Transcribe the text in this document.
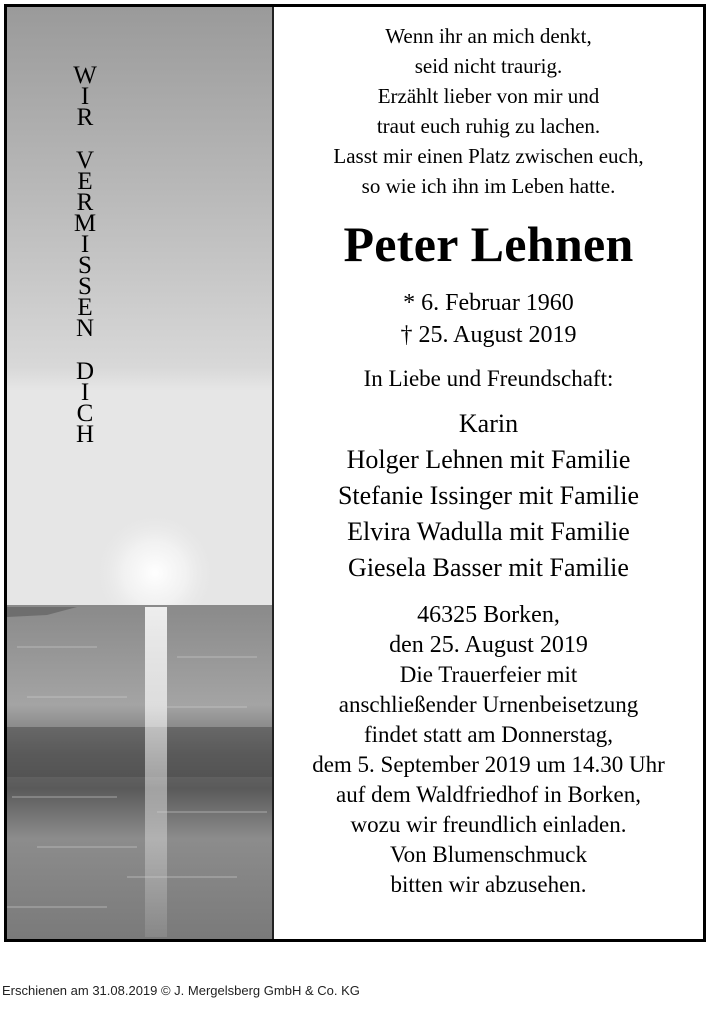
W
I
R
V
E
R
M
I
S
S
E
N
D
I
C
H
Wenn ihr an mich denkt,
seid nicht traurig.
Erzählt lieber von mir und
traut euch ruhig zu lachen.
Lasst mir einen Platz zwischen euch,
so wie ich ihn im Leben hatte.
Peter Lehnen
* 6. Februar 1960
† 25. August 2019
In Liebe und Freundschaft:
Karin
Holger Lehnen mit Familie
Stefanie Issinger mit Familie
Elvira Wadulla mit Familie
Giesela Basser mit Familie
46325 Borken,
den 25. August 2019
Die Trauerfeier mit
anschließender Urnenbeisetzung
findet statt am Donnerstag,
dem 5. September 2019 um 14.30 Uhr
auf dem Waldfriedhof in Borken,
wozu wir freundlich einladen.
Von Blumenschmuck
bitten wir abzusehen.
Erschienen am 31.08.2019 © J. Mergelsberg GmbH & Co. KG
